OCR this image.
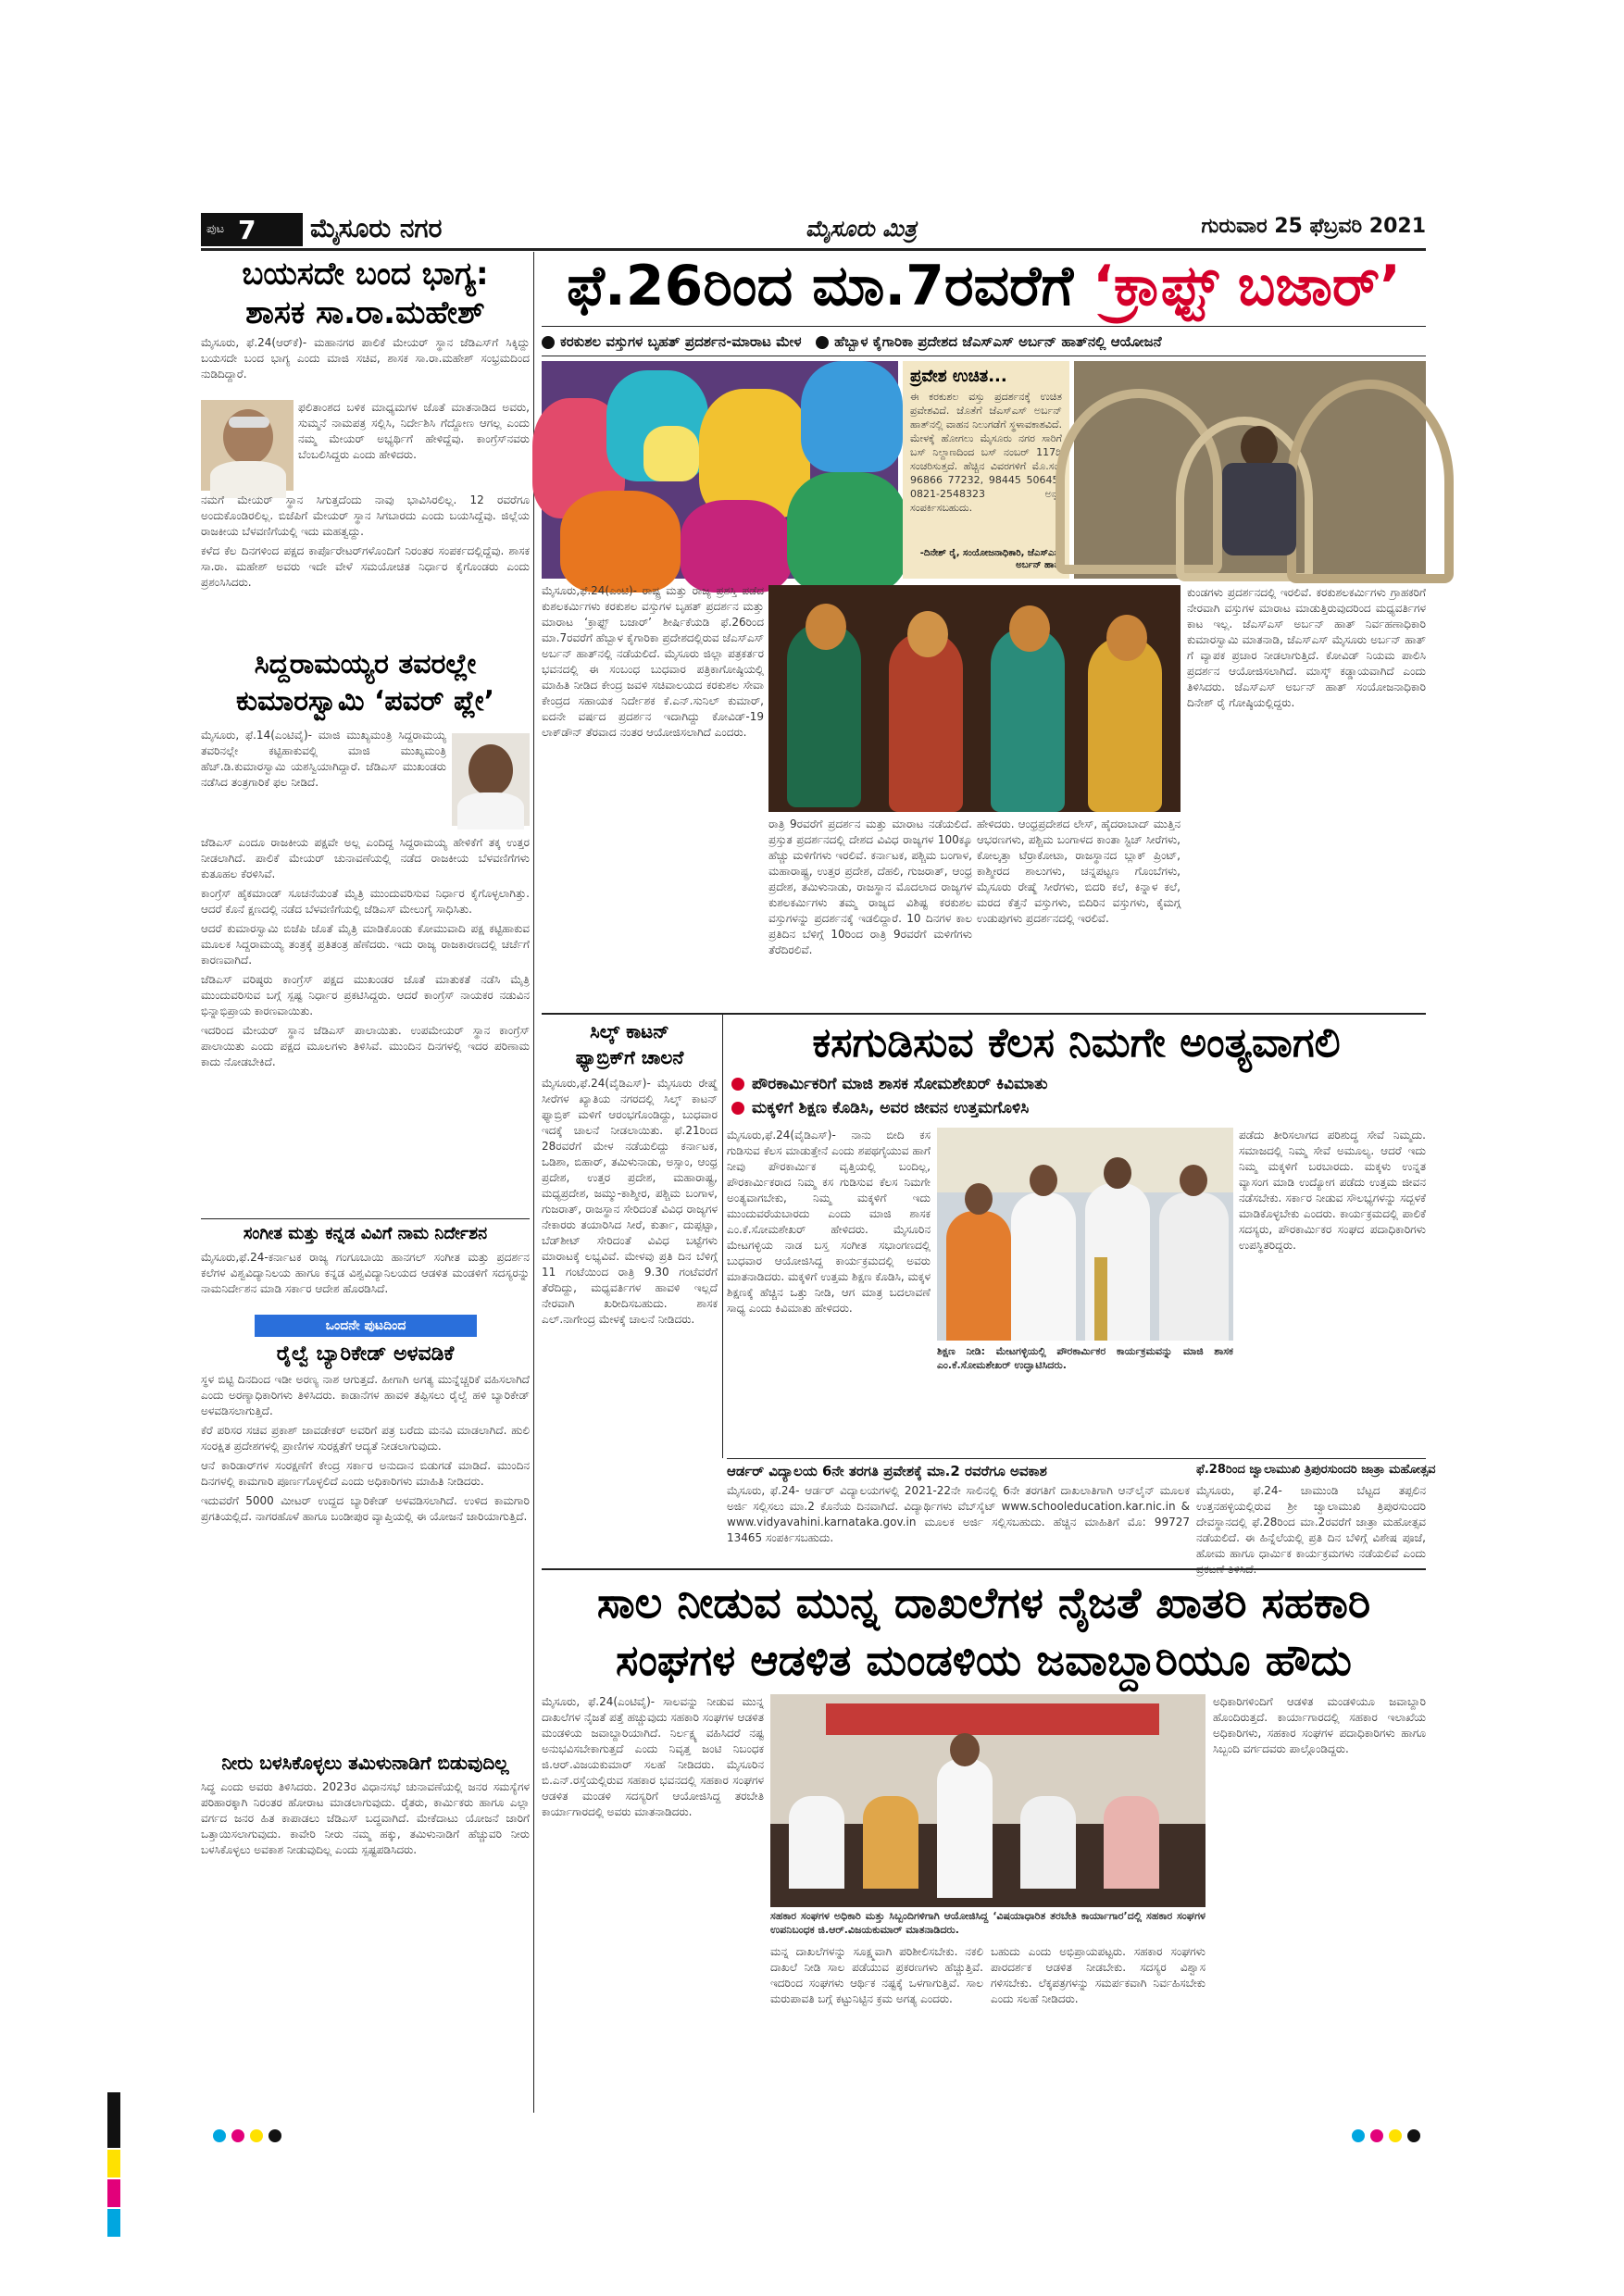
ಪುಟ 7 ಮೈಸೂರು ನಗರ	ಮೈಸೂರು ಮಿತ್ರ	ಗುರುವಾರ 25 ಫೆಬ್ರವರಿ 2021
ಬಯಸದೇ ಬಂದ ಭಾಗ್ಯ:
ಶಾಸಕ ಸಾ.ರಾ.ಮಹೇಶ್

ಮೈಸೂರು, ಫೆ.24(ಆರ್‌ಕೆ)- ಮಹಾನಗರ ಪಾಲಿಕೆ ಮೇಯರ್ ಸ್ಥಾನ ಜೆಡಿಎಸ್‌ಗೆ ಸಿಕ್ಕಿದ್ದು ಬಯಸದೇ ಬಂದ ಭಾಗ್ಯ ಎಂದು ಮಾಜಿ ಸಚಿವ, ಶಾಸಕ ಸಾ.ರಾ.ಮಹೇಶ್ ಸಂಭ್ರಮದಿಂದ ನುಡಿದಿದ್ದಾರೆ.

ಫಲಿತಾಂಶದ ಬಳಿಕ ಮಾಧ್ಯಮಗಳ ಜೊತೆ ಮಾತನಾಡಿದ ಅವರು, ಸುಮ್ಮನೆ ನಾಮಪತ್ರ ಸಲ್ಲಿಸಿ, ನಿರ್ದೇಶಿಸಿ ಗೆದ್ದೋಣ ಆಗಲ್ಲ ಎಂದು ನಮ್ಮ ಮೇಯರ್ ಅಭ್ಯರ್ಥಿಗೆ ಹೇಳಿದ್ದೆವು. ಕಾಂಗ್ರೆಸ್‌ನವರು ಬೆಂಬಲಿಸಿದ್ದರು ಎಂದು ಹೇಳಿದರು.

ನಮಗೆ ಮೇಯರ್ ಸ್ಥಾನ ಸಿಗುತ್ತದೆಂದು ನಾವು ಭಾವಿಸಿರಲಿಲ್ಲ. 12 ರವರೆಗೂ ಅಂದುಕೊಂಡಿರಲಿಲ್ಲ. ಬಿಜೆಪಿಗೆ ಮೇಯರ್ ಸ್ಥಾನ ಸಿಗಬಾರದು ಎಂದು ಬಯಸಿದ್ದೆವು. ಜಿಲ್ಲೆಯ ರಾಜಕೀಯ ಬೆಳವಣಿಗೆಯಲ್ಲಿ ಇದು ಮಹತ್ವದ್ದು.

ಕಳೆದ ಕೆಲ ದಿನಗಳಿಂದ ಪಕ್ಷದ ಕಾರ್ಪೊರೇಟರ್‌ಗಳೊಂದಿಗೆ ನಿರಂತರ ಸಂಪರ್ಕದಲ್ಲಿದ್ದೆವು. ಶಾಸಕ ಸಾ.ರಾ. ಮಹೇಶ್ ಅವರು ಇದೇ ವೇಳೆ ಸಮಯೋಚಿತ ನಿರ್ಧಾರ ಕೈಗೊಂಡರು ಎಂದು ಪ್ರಶಂಸಿಸಿದರು.

ಸಿದ್ದರಾಮಯ್ಯರ ತವರಲ್ಲೇ
ಕುಮಾರಸ್ವಾಮಿ ‘ಪವರ್ ಪ್ಲೇ’

ಮೈಸೂರು, ಫೆ.14(ಎಂಟಿವೈ)- ಮಾಜಿ ಮುಖ್ಯಮಂತ್ರಿ ಸಿದ್ದರಾಮಯ್ಯ ತವರಿನಲ್ಲೇ ಕಟ್ಟಿಹಾಕುವಲ್ಲಿ ಮಾಜಿ ಮುಖ್ಯಮಂತ್ರಿ ಹೆಚ್.ಡಿ.ಕುಮಾರಸ್ವಾಮಿ ಯಶಸ್ವಿಯಾಗಿದ್ದಾರೆ. ಜೆಡಿಎಸ್ ಮುಖಂಡರು ನಡೆಸಿದ ತಂತ್ರಗಾರಿಕೆ ಫಲ ನೀಡಿದೆ.

ಜೆಡಿಎಸ್ ಎಂದೂ ರಾಜಕೀಯ ಪಕ್ಷವೇ ಅಲ್ಲ ಎಂದಿದ್ದ ಸಿದ್ದರಾಮಯ್ಯ ಹೇಳಿಕೆಗೆ ತಕ್ಕ ಉತ್ತರ ನೀಡಲಾಗಿದೆ. ಪಾಲಿಕೆ ಮೇಯರ್ ಚುನಾವಣೆಯಲ್ಲಿ ನಡೆದ ರಾಜಕೀಯ ಬೆಳವಣಿಗೆಗಳು ಕುತೂಹಲ ಕೆರಳಿಸಿವೆ.

ಕಾಂಗ್ರೆಸ್ ಹೈಕಮಾಂಡ್ ಸೂಚನೆಯಂತೆ ಮೈತ್ರಿ ಮುಂದುವರಿಸುವ ನಿರ್ಧಾರ ಕೈಗೊಳ್ಳಲಾಗಿತ್ತು. ಆದರೆ ಕೊನೆ ಕ್ಷಣದಲ್ಲಿ ನಡೆದ ಬೆಳವಣಿಗೆಯಲ್ಲಿ ಜೆಡಿಎಸ್ ಮೇಲುಗೈ ಸಾಧಿಸಿತು.

ಆದರೆ ಕುಮಾರಸ್ವಾಮಿ ಬಿಜೆಪಿ ಜೊತೆ ಮೈತ್ರಿ ಮಾಡಿಕೊಂಡು ಕೋಮುವಾದಿ ಪಕ್ಷ ಕಟ್ಟಿಹಾಕುವ ಮೂಲಕ ಸಿದ್ದರಾಮಯ್ಯ ತಂತ್ರಕ್ಕೆ ಪ್ರತಿತಂತ್ರ ಹೆಣೆದರು. ಇದು ರಾಜ್ಯ ರಾಜಕಾರಣದಲ್ಲಿ ಚರ್ಚೆಗೆ ಕಾರಣವಾಗಿದೆ.

ಜೆಡಿಎಸ್ ವರಿಷ್ಠರು ಕಾಂಗ್ರೆಸ್ ಪಕ್ಷದ ಮುಖಂಡರ ಜೊತೆ ಮಾತುಕತೆ ನಡೆಸಿ ಮೈತ್ರಿ ಮುಂದುವರಿಸುವ ಬಗ್ಗೆ ಸ್ಪಷ್ಟ ನಿರ್ಧಾರ ಪ್ರಕಟಿಸಿದ್ದರು. ಆದರೆ ಕಾಂಗ್ರೆಸ್ ನಾಯಕರ ನಡುವಿನ ಭಿನ್ನಾಭಿಪ್ರಾಯ ಕಾರಣವಾಯಿತು.

ಇದರಿಂದ ಮೇಯರ್ ಸ್ಥಾನ ಜೆಡಿಎಸ್ ಪಾಲಾಯಿತು. ಉಪಮೇಯರ್ ಸ್ಥಾನ ಕಾಂಗ್ರೆಸ್ ಪಾಲಾಯಿತು ಎಂದು ಪಕ್ಷದ ಮೂಲಗಳು ತಿಳಿಸಿವೆ. ಮುಂದಿನ ದಿನಗಳಲ್ಲಿ ಇದರ ಪರಿಣಾಮ ಕಾದು ನೋಡಬೇಕಿದೆ.

ಸಂಗೀತ ಮತ್ತು ಕನ್ನಡ ವಿವಿಗೆ ನಾಮ ನಿರ್ದೇಶನ

ಮೈಸೂರು,ಫೆ.24-ಕರ್ನಾಟಕ ರಾಜ್ಯ ಗಂಗೂಬಾಯಿ ಹಾನಗಲ್ ಸಂಗೀತ ಮತ್ತು ಪ್ರದರ್ಶನ ಕಲೆಗಳ ವಿಶ್ವವಿದ್ಯಾನಿಲಯ ಹಾಗೂ ಕನ್ನಡ ವಿಶ್ವವಿದ್ಯಾನಿಲಯದ ಆಡಳಿತ ಮಂಡಳಿಗೆ ಸದಸ್ಯರನ್ನು ನಾಮನಿರ್ದೇಶನ ಮಾಡಿ ಸರ್ಕಾರ ಆದೇಶ ಹೊರಡಿಸಿದೆ.

ಒಂದನೇ ಪುಟದಿಂದ
ರೈಲ್ವೆ ಬ್ಯಾರಿಕೇಡ್ ಅಳವಡಿಕೆ

ಸ್ಥಳ ಬಿಟ್ಟಿ ದಿನದಿಂದ ಇಡೀ ಅರಣ್ಯ ನಾಶ ಆಗುತ್ತದೆ. ಹೀಗಾಗಿ ಅಗತ್ಯ ಮುನ್ನೆಚ್ಚರಿಕೆ ವಹಿಸಲಾಗಿದೆ ಎಂದು ಅರಣ್ಯಾಧಿಕಾರಿಗಳು ತಿಳಿಸಿದರು. ಕಾಡಾನೆಗಳ ಹಾವಳಿ ತಪ್ಪಿಸಲು ರೈಲ್ವೆ ಹಳಿ ಬ್ಯಾರಿಕೇಡ್ ಅಳವಡಿಸಲಾಗುತ್ತಿದೆ.

ಕೆರೆ ಪರಿಸರ ಸಚಿವ ಪ್ರಕಾಶ್ ಜಾವಡೇಕರ್ ಅವರಿಗೆ ಪತ್ರ ಬರೆದು ಮನವಿ ಮಾಡಲಾಗಿದೆ. ಹುಲಿ ಸಂರಕ್ಷಿತ ಪ್ರದೇಶಗಳಲ್ಲಿ ಪ್ರಾಣಿಗಳ ಸುರಕ್ಷತೆಗೆ ಆದ್ಯತೆ ನೀಡಲಾಗುವುದು.

ಆನೆ ಕಾರಿಡಾರ್‌ಗಳ ಸಂರಕ್ಷಣೆಗೆ ಕೇಂದ್ರ ಸರ್ಕಾರ ಅನುದಾನ ಬಿಡುಗಡೆ ಮಾಡಿದೆ. ಮುಂದಿನ ದಿನಗಳಲ್ಲಿ ಕಾಮಗಾರಿ ಪೂರ್ಣಗೊಳ್ಳಲಿದೆ ಎಂದು ಅಧಿಕಾರಿಗಳು ಮಾಹಿತಿ ನೀಡಿದರು.

ಇದುವರೆಗೆ 5000 ಮೀಟರ್ ಉದ್ದದ ಬ್ಯಾರಿಕೇಡ್ ಅಳವಡಿಸಲಾಗಿದೆ. ಉಳಿದ ಕಾಮಗಾರಿ ಪ್ರಗತಿಯಲ್ಲಿದೆ. ನಾಗರಹೊಳೆ ಹಾಗೂ ಬಂಡೀಪುರ ವ್ಯಾಪ್ತಿಯಲ್ಲಿ ಈ ಯೋಜನೆ ಜಾರಿಯಾಗುತ್ತಿದೆ.

ನೀರು ಬಳಸಿಕೊಳ್ಳಲು ತಮಿಳುನಾಡಿಗೆ ಬಿಡುವುದಿಲ್ಲ

ಸಿದ್ಧ ಎಂದು ಅವರು ತಿಳಿಸಿದರು. 2023ರ ವಿಧಾನಸಭೆ ಚುನಾವಣೆಯಲ್ಲಿ ಜನರ ಸಮಸ್ಯೆಗಳ ಪರಿಹಾರಕ್ಕಾಗಿ ನಿರಂತರ ಹೋರಾಟ ಮಾಡಲಾಗುವುದು. ರೈತರು, ಕಾರ್ಮಿಕರು ಹಾಗೂ ಎಲ್ಲಾ ವರ್ಗದ ಜನರ ಹಿತ ಕಾಪಾಡಲು ಜೆಡಿಎಸ್ ಬದ್ಧವಾಗಿದೆ. ಮೇಕೆದಾಟು ಯೋಜನೆ ಜಾರಿಗೆ ಒತ್ತಾಯಿಸಲಾಗುವುದು. ಕಾವೇರಿ ನೀರು ನಮ್ಮ ಹಕ್ಕು, ತಮಿಳುನಾಡಿಗೆ ಹೆಚ್ಚುವರಿ ನೀರು ಬಳಸಿಕೊಳ್ಳಲು ಅವಕಾಶ ನೀಡುವುದಿಲ್ಲ ಎಂದು ಸ್ಪಷ್ಟಪಡಿಸಿದರು.

ಫೆ.26ರಿಂದ ಮಾ.7ರವರೆಗೆ ‘ಕ್ರಾಫ್ಟ್ ಬಜಾರ್’
ಕರಕುಶಲ ವಸ್ತುಗಳ ಬೃಹತ್ ಪ್ರದರ್ಶನ-ಮಾರಾಟ ಮೇಳ ಹೆಬ್ಬಾಳ ಕೈಗಾರಿಕಾ ಪ್ರದೇಶದ ಜೆಎಸ್‌ಎಸ್ ಅರ್ಬನ್ ಹಾತ್‌ನಲ್ಲಿ ಆಯೋಜನೆ
ಪ್ರವೇಶ ಉಚಿತ...
ಈ ಕರಕುಶಲ ವಸ್ತು ಪ್ರದರ್ಶನಕ್ಕೆ ಉಚಿತ ಪ್ರವೇಶವಿದೆ. ಜೊತೆಗೆ ಜೆಎಸ್‌ಎಸ್ ಅರ್ಬನ್ ಹಾತ್‌ನಲ್ಲಿ ವಾಹನ ನಿಲುಗಡೆಗೆ ಸ್ಥಳಾವಕಾಶವಿದೆ. ಮೇಳಕ್ಕೆ ಹೋಗಲು ಮೈಸೂರು ನಗರ ಸಾರಿಗೆ ಬಸ್ ನಿಲ್ದಾಣದಿಂದ ಬಸ್ ನಂಬರ್ 117ಡಿ ಸಂಚರಿಸುತ್ತದೆ. ಹೆಚ್ಚಿನ ವಿವರಗಳಿಗೆ ಮೊ.ಸಂ. 96866 77232, 98445 50645, 0821-2548323 ಅನ್ನು ಸಂಪರ್ಕಿಸಬಹುದು.
-ದಿನೇಶ್ ರೈ, ಸಂಯೋಜನಾಧಿಕಾರಿ, ಜೆಎಸ್‌ಎಸ್ ಅರ್ಬನ್ ಹಾತ್
ಮೈಸೂರು,ಫೆ.24(ಎಂಟಿ)- ರಾಷ್ಟ್ರ ಮತ್ತು ರಾಜ್ಯ ಪ್ರಶಸ್ತಿ ಪಡೆದ ಕುಶಲಕರ್ಮಿಗಳು ಕರಕುಶಲ ವಸ್ತುಗಳ ಬೃಹತ್ ಪ್ರದರ್ಶನ ಮತ್ತು ಮಾರಾಟ ‘ಕ್ರಾಫ್ಟ್ ಬಜಾರ್’ ಶೀರ್ಷಿಕೆಯಡಿ ಫೆ.26ರಿಂದ ಮಾ.7ರವರೆಗೆ ಹೆಬ್ಬಾಳ ಕೈಗಾರಿಕಾ ಪ್ರದೇಶದಲ್ಲಿರುವ ಜೆಎಸ್‌ಎಸ್ ಅರ್ಬನ್ ಹಾತ್‌ನಲ್ಲಿ ನಡೆಯಲಿದೆ. ಮೈಸೂರು ಜಿಲ್ಲಾ ಪತ್ರಕರ್ತರ ಭವನದಲ್ಲಿ ಈ ಸಂಬಂಧ ಬುಧವಾರ ಪತ್ರಿಕಾಗೋಷ್ಠಿಯಲ್ಲಿ ಮಾಹಿತಿ ನೀಡಿದ ಕೇಂದ್ರ ಜವಳಿ ಸಚಿವಾಲಯದ ಕರಕುಶಲ ಸೇವಾ ಕೇಂದ್ರದ ಸಹಾಯಕ ನಿರ್ದೇಶಕ ಕೆ.ಎನ್.ಸುನಿಲ್ ಕುಮಾರ್, ಐದನೇ ವರ್ಷದ ಪ್ರದರ್ಶನ ಇದಾಗಿದ್ದು ಕೋವಿಡ್-19 ಲಾಕ್‌ಡೌನ್ ತೆರವಾದ ನಂತರ ಆಯೋಜಿಸಲಾಗಿದೆ ಎಂದರು.
ಕುಂಡಗಳು ಪ್ರದರ್ಶನದಲ್ಲಿ ಇರಲಿವೆ. ಕರಕುಶಲಕರ್ಮಿಗಳು ಗ್ರಾಹಕರಿಗೆ ನೇರವಾಗಿ ವಸ್ತುಗಳ ಮಾರಾಟ ಮಾಡುತ್ತಿರುವುದರಿಂದ ಮಧ್ಯವರ್ತಿಗಳ ಕಾಟ ಇಲ್ಲ. ಜೆಎಸ್‌ಎಸ್ ಅರ್ಬನ್ ಹಾತ್ ನಿರ್ವಹಣಾಧಿಕಾರಿ ಕುಮಾರಸ್ವಾಮಿ ಮಾತನಾಡಿ, ಜೆಎಸ್‌ಎಸ್ ಮೈಸೂರು ಅರ್ಬನ್ ಹಾತ್ ಗೆ ವ್ಯಾಪಕ ಪ್ರಚಾರ ನೀಡಲಾಗುತ್ತಿದೆ. ಕೋವಿಡ್ ನಿಯಮ ಪಾಲಿಸಿ ಪ್ರದರ್ಶನ ಆಯೋಜಿಸಲಾಗಿದೆ. ಮಾಸ್ಕ್ ಕಡ್ಡಾಯವಾಗಿದೆ ಎಂದು ತಿಳಿಸಿದರು. ಜೆಎಸ್‌ಎಸ್ ಅರ್ಬನ್ ಹಾತ್ ಸಂಯೋಜನಾಧಿಕಾರಿ ದಿನೇಶ್ ರೈ ಗೋಷ್ಠಿಯಲ್ಲಿದ್ದರು.
ರಾತ್ರಿ 9ರವರೆಗೆ ಪ್ರದರ್ಶನ ಮತ್ತು ಮಾರಾಟ ನಡೆಯಲಿದೆ. ಪ್ರಸ್ತುತ ಪ್ರದರ್ಶನದಲ್ಲಿ ದೇಶದ ವಿವಿಧ ರಾಜ್ಯಗಳ 100ಕ್ಕೂ ಹೆಚ್ಚು ಮಳಿಗೆಗಳು ಇರಲಿವೆ. ಕರ್ನಾಟಕ, ಪಶ್ಚಿಮ ಬಂಗಾಳ, ಮಹಾರಾಷ್ಟ್ರ, ಉತ್ತರ ಪ್ರದೇಶ, ದೆಹಲಿ, ಗುಜರಾತ್, ಆಂಧ್ರ ಪ್ರದೇಶ, ತಮಿಳುನಾಡು, ರಾಜಸ್ಥಾನ ಮೊದಲಾದ ರಾಜ್ಯಗಳ ಕುಶಲಕರ್ಮಿಗಳು ತಮ್ಮ ರಾಜ್ಯದ ವಿಶಿಷ್ಟ ಕರಕುಶಲ ವಸ್ತುಗಳನ್ನು ಪ್ರದರ್ಶನಕ್ಕೆ ಇಡಲಿದ್ದಾರೆ. 10 ದಿನಗಳ ಕಾಲ ಪ್ರತಿದಿನ ಬೆಳಿಗ್ಗೆ 10ರಿಂದ ರಾತ್ರಿ 9ರವರೆಗೆ ಮಳಿಗೆಗಳು ತೆರೆದಿರಲಿವೆ.
ಹೇಳಿದರು. ಆಂಧ್ರಪ್ರದೇಶದ ಲೇಸ್, ಹೈದರಾಬಾದ್ ಮುತ್ತಿನ ಆಭರಣಗಳು, ಪಶ್ಚಿಮ ಬಂಗಾಳದ ಕಾಂತಾ ಸ್ಟಿಚ್ ಸೀರೆಗಳು, ಕೋಲ್ಕತ್ತಾ ಟೆರ್ರಾಕೋಟಾ, ರಾಜಸ್ಥಾನದ ಬ್ಲಾಕ್ ಪ್ರಿಂಟ್, ಕಾಶ್ಮೀರದ ಶಾಲುಗಳು, ಚನ್ನಪಟ್ಟಣ ಗೊಂಬೆಗಳು, ಮೈಸೂರು ರೇಷ್ಮೆ ಸೀರೆಗಳು, ಬಿದರಿ ಕಲೆ, ಕಿನ್ನಾಳ ಕಲೆ, ಮರದ ಕೆತ್ತನೆ ವಸ್ತುಗಳು, ಬಿದಿರಿನ ವಸ್ತುಗಳು, ಕೈಮಗ್ಗ ಉಡುಪುಗಳು ಪ್ರದರ್ಶನದಲ್ಲಿ ಇರಲಿವೆ.
ಸಿಲ್ಕ್ ಕಾಟನ್
ಫ್ಯಾಬ್ರಿಕ್‌ಗೆ ಚಾಲನೆ
ಮೈಸೂರು,ಫೆ.24(ವೈಡಿಎಸ್)- ಮೈಸೂರು ರೇಷ್ಮೆ ಸೀರೆಗಳ ಖ್ಯಾತಿಯ ನಗರದಲ್ಲಿ ಸಿಲ್ಕ್ ಕಾಟನ್ ಫ್ಯಾಬ್ರಿಕ್ ಮಳಿಗೆ ಆರಂಭಗೊಂಡಿದ್ದು, ಬುಧವಾರ ಇದಕ್ಕೆ ಚಾಲನೆ ನೀಡಲಾಯಿತು. ಫೆ.21ರಿಂದ 28ರವರೆಗೆ ಮೇಳ ನಡೆಯಲಿದ್ದು ಕರ್ನಾಟಕ, ಒಡಿಶಾ, ಬಿಹಾರ್, ತಮಿಳುನಾಡು, ಅಸ್ಸಾಂ, ಆಂಧ್ರ ಪ್ರದೇಶ, ಉತ್ತರ ಪ್ರದೇಶ, ಮಹಾರಾಷ್ಟ್ರ, ಮಧ್ಯಪ್ರದೇಶ, ಜಮ್ಮು-ಕಾಶ್ಮೀರ, ಪಶ್ಚಿಮ ಬಂಗಾಳ, ಗುಜರಾತ್, ರಾಜಸ್ಥಾನ ಸೇರಿದಂತೆ ವಿವಿಧ ರಾಜ್ಯಗಳ ನೇಕಾರರು ತಯಾರಿಸಿದ ಸೀರೆ, ಕುರ್ತಾ, ದುಪ್ಪಟ್ಟಾ, ಬೆಡ್‌ಶೀಟ್ ಸೇರಿದಂತೆ ವಿವಿಧ ಬಟ್ಟೆಗಳು ಮಾರಾಟಕ್ಕೆ ಲಭ್ಯವಿವೆ. ಮೇಳವು ಪ್ರತಿ ದಿನ ಬೆಳಿಗ್ಗೆ 11 ಗಂಟೆಯಿಂದ ರಾತ್ರಿ 9.30 ಗಂಟೆವರೆಗೆ ತೆರೆದಿದ್ದು, ಮಧ್ಯವರ್ತಿಗಳ ಹಾವಳಿ ಇಲ್ಲದೆ ನೇರವಾಗಿ ಖರೀದಿಸಬಹುದು. ಶಾಸಕ ಎಲ್.ನಾಗೇಂದ್ರ ಮೇಳಕ್ಕೆ ಚಾಲನೆ ನೀಡಿದರು.
ಕಸಗುಡಿಸುವ ಕೆಲಸ ನಿಮಗೇ ಅಂತ್ಯವಾಗಲಿ
ಪೌರಕಾರ್ಮಿಕರಿಗೆ ಮಾಜಿ ಶಾಸಕ ಸೋಮಶೇಖರ್ ಕಿವಿಮಾತು
ಮಕ್ಕಳಿಗೆ ಶಿಕ್ಷಣ ಕೊಡಿಸಿ, ಅವರ ಜೀವನ ಉತ್ತಮಗೊಳಿಸಿ
ಮೈಸೂರು,ಫೆ.24(ವೈಡಿಎಸ್)- ನಾನು ಬೀದಿ ಕಸ ಗುಡಿಸುವ ಕೆಲಸ ಮಾಡುತ್ತೇನೆ ಎಂದು ಶಪಥಗೈಯುವ ಹಾಗೆ ನೀವು ಪೌರಕಾರ್ಮಿಕ ವೃತ್ತಿಯಲ್ಲಿ ಬಂದಿಲ್ಲ, ಪೌರಕಾರ್ಮಿಕರಾದ ನಿಮ್ಮ ಕಸ ಗುಡಿಸುವ ಕೆಲಸ ನಿಮಗೇ ಅಂತ್ಯವಾಗಬೇಕು, ನಿಮ್ಮ ಮಕ್ಕಳಿಗೆ ಇದು ಮುಂದುವರೆಯಬಾರದು ಎಂದು ಮಾಜಿ ಶಾಸಕ ಎಂ.ಕೆ.ಸೋಮಶೇಖರ್ ಹೇಳಿದರು. ಮೈಸೂರಿನ ಮೇಟಗಳ್ಳಿಯ ನಾಡ ಬಸ್ತ ಸಂಗೀತ ಸಭಾಂಗಣದಲ್ಲಿ ಬುಧವಾರ ಆಯೋಜಿಸಿದ್ದ ಕಾರ್ಯಕ್ರಮದಲ್ಲಿ ಅವರು ಮಾತನಾಡಿದರು. ಮಕ್ಕಳಿಗೆ ಉತ್ತಮ ಶಿಕ್ಷಣ ಕೊಡಿಸಿ, ಮಕ್ಕಳ ಶಿಕ್ಷಣಕ್ಕೆ ಹೆಚ್ಚಿನ ಒತ್ತು ನೀಡಿ, ಆಗ ಮಾತ್ರ ಬದಲಾವಣೆ ಸಾಧ್ಯ ಎಂದು ಕಿವಿಮಾತು ಹೇಳಿದರು.
ಶಿಕ್ಷಣ ನೀಡಿ: ಮೇಟಗಳ್ಳಿಯಲ್ಲಿ ಪೌರಕಾರ್ಮಿಕರ ಕಾರ್ಯಕ್ರಮವನ್ನು ಮಾಜಿ ಶಾಸಕ ಎಂ.ಕೆ.ಸೋಮಶೇಖರ್ ಉದ್ಘಾಟಿಸಿದರು.
ಪಡೆದು ತೀರಿಸಲಾಗದ ಪರಿಶುದ್ಧ ಸೇವೆ ನಿಮ್ಮದು. ಸಮಾಜದಲ್ಲಿ ನಿಮ್ಮ ಸೇವೆ ಅಮೂಲ್ಯ. ಆದರೆ ಇದು ನಿಮ್ಮ ಮಕ್ಕಳಿಗೆ ಬರಬಾರದು. ಮಕ್ಕಳು ಉನ್ನತ ವ್ಯಾಸಂಗ ಮಾಡಿ ಉದ್ಯೋಗ ಪಡೆದು ಉತ್ತಮ ಜೀವನ ನಡೆಸಬೇಕು. ಸರ್ಕಾರ ನೀಡುವ ಸೌಲಭ್ಯಗಳನ್ನು ಸದ್ಬಳಕೆ ಮಾಡಿಕೊಳ್ಳಬೇಕು ಎಂದರು. ಕಾರ್ಯಕ್ರಮದಲ್ಲಿ ಪಾಲಿಕೆ ಸದಸ್ಯರು, ಪೌರಕಾರ್ಮಿಕರ ಸಂಘದ ಪದಾಧಿಕಾರಿಗಳು ಉಪಸ್ಥಿತರಿದ್ದರು.
ಆರ್ಡರ್ ವಿದ್ಯಾಲಯ 6ನೇ ತರಗತಿ ಪ್ರವೇಶಕ್ಕೆ ಮಾ.2 ರವರೆಗೂ ಅವಕಾಶ
ಮೈಸೂರು, ಫೆ.24- ಆರ್ಡರ್ ವಿದ್ಯಾಲಯಗಳಲ್ಲಿ 2021-22ನೇ ಸಾಲಿನಲ್ಲಿ 6ನೇ ತರಗತಿಗೆ ದಾಖಲಾತಿಗಾಗಿ ಆನ್‌ಲೈನ್ ಮೂಲಕ ಅರ್ಜಿ ಸಲ್ಲಿಸಲು ಮಾ.2 ಕೊನೆಯ ದಿನವಾಗಿದೆ. ವಿದ್ಯಾರ್ಥಿಗಳು ವೆಬ್‌ಸೈಟ್ www.schooleducation.kar.nic.in & www.vidyavahini.karnataka.gov.in ಮೂಲಕ ಅರ್ಜಿ ಸಲ್ಲಿಸಬಹುದು. ಹೆಚ್ಚಿನ ಮಾಹಿತಿಗೆ ಮೊ: 99727 13465 ಸಂಪರ್ಕಿಸಬಹುದು.
ಫೆ.28ರಿಂದ ಜ್ವಾಲಾಮುಖಿ ತ್ರಿಪುರಸುಂದರಿ ಜಾತ್ರಾ ಮಹೋತ್ಸವ
ಮೈಸೂರು, ಫೆ.24- ಚಾಮುಂಡಿ ಬೆಟ್ಟದ ತಪ್ಪಲಿನ ಉತ್ತನಹಳ್ಳಿಯಲ್ಲಿರುವ ಶ್ರೀ ಜ್ವಾಲಾಮುಖಿ ತ್ರಿಪುರಸುಂದರಿ ದೇವಸ್ಥಾನದಲ್ಲಿ ಫೆ.28ರಿಂದ ಮಾ.2ರವರೆಗೆ ಜಾತ್ರಾ ಮಹೋತ್ಸವ ನಡೆಯಲಿದೆ. ಈ ಹಿನ್ನೆಲೆಯಲ್ಲಿ ಪ್ರತಿ ದಿನ ಬೆಳಿಗ್ಗೆ ವಿಶೇಷ ಪೂಜೆ, ಹೋಮ ಹಾಗೂ ಧಾರ್ಮಿಕ ಕಾರ್ಯಕ್ರಮಗಳು ನಡೆಯಲಿವೆ ಎಂದು
ಸಾಲ ನೀಡುವ ಮುನ್ನ ದಾಖಲೆಗಳ ನೈಜತೆ ಖಾತರಿ ಸಹಕಾರಿ
ಸಂಘಗಳ ಆಡಳಿತ ಮಂಡಳಿಯ ಜವಾಬ್ದಾರಿಯೂ ಹೌದು
ಮೈಸೂರು, ಫೆ.24(ಎಂಟಿವೈ)- ಸಾಲವನ್ನು ನೀಡುವ ಮುನ್ನ ದಾಖಲೆಗಳ ನೈಜತೆ ಪತ್ತೆ ಹಚ್ಚುವುದು ಸಹಕಾರಿ ಸಂಘಗಳ ಆಡಳಿತ ಮಂಡಳಿಯ ಜವಾಬ್ದಾರಿಯಾಗಿದೆ. ನಿರ್ಲಕ್ಷ್ಯ ವಹಿಸಿದರೆ ನಷ್ಟ ಅನುಭವಿಸಬೇಕಾಗುತ್ತದೆ ಎಂದು ನಿವೃತ್ತ ಜಂಟಿ ನಿಬಂಧಕ ಜಿ.ಆರ್.ವಿಜಯಕುಮಾರ್ ಸಲಹೆ ನೀಡಿದರು. ಮೈಸೂರಿನ ಬಿ.ಎನ್.ರಸ್ತೆಯಲ್ಲಿರುವ ಸಹಕಾರ ಭವನದಲ್ಲಿ ಸಹಕಾರ ಸಂಘಗಳ ಆಡಳಿತ ಮಂಡಳಿ ಸದಸ್ಯರಿಗೆ ಆಯೋಜಿಸಿದ್ದ ತರಬೇತಿ ಕಾರ್ಯಾಗಾರದಲ್ಲಿ ಅವರು ಮಾತನಾಡಿದರು.
ಸಹಕಾರ ಸಂಘಗಳ ಅಧಿಕಾರಿ ಮತ್ತು ಸಿಬ್ಬಂದಿಗಳಿಗಾಗಿ ಆಯೋಜಿಸಿದ್ದ ‘ವಿಷಯಾಧಾರಿತ ತರಬೇತಿ ಕಾರ್ಯಾಗಾರ’ದಲ್ಲಿ ಸಹಕಾರ ಸಂಘಗಳ ಉಪನಿಬಂಧಕ ಜಿ.ಆರ್.ವಿಜಯಕುಮಾರ್ ಮಾತನಾಡಿದರು.
ಮನ್ನ ದಾಖಲೆಗಳನ್ನು ಸೂಕ್ಷ್ಮವಾಗಿ ಪರಿಶೀಲಿಸಬೇಕು. ನಕಲಿ ದಾಖಲೆ ನೀಡಿ ಸಾಲ ಪಡೆಯುವ ಪ್ರಕರಣಗಳು ಹೆಚ್ಚುತ್ತಿವೆ. ಇದರಿಂದ ಸಂಘಗಳು ಆರ್ಥಿಕ ನಷ್ಟಕ್ಕೆ ಒಳಗಾಗುತ್ತಿವೆ. ಸಾಲ ಮರುಪಾವತಿ ಬಗ್ಗೆ ಕಟ್ಟುನಿಟ್ಟಿನ ಕ್ರಮ ಅಗತ್ಯ ಎಂದರು.
ಬಹುದು ಎಂದು ಅಭಿಪ್ರಾಯಪಟ್ಟರು. ಸಹಕಾರ ಸಂಘಗಳು ಪಾರದರ್ಶಕ ಆಡಳಿತ ನೀಡಬೇಕು. ಸದಸ್ಯರ ವಿಶ್ವಾಸ ಗಳಿಸಬೇಕು. ಲೆಕ್ಕಪತ್ರಗಳನ್ನು ಸಮರ್ಪಕವಾಗಿ ನಿರ್ವಹಿಸಬೇಕು ಎಂದು ಸಲಹೆ ನೀಡಿದರು.
ಅಧಿಕಾರಿಗಳಿಂದಿಗೆ ಆಡಳಿತ ಮಂಡಳಿಯೂ ಜವಾಬ್ದಾರಿ ಹೊಂದಿರುತ್ತದೆ. ಕಾರ್ಯಾಗಾರದಲ್ಲಿ ಸಹಕಾರ ಇಲಾಖೆಯ ಅಧಿಕಾರಿಗಳು, ಸಹಕಾರ ಸಂಘಗಳ ಪದಾಧಿಕಾರಿಗಳು ಹಾಗೂ ಸಿಬ್ಬಂದಿ ವರ್ಗದವರು ಪಾಲ್ಗೊಂಡಿದ್ದರು.
